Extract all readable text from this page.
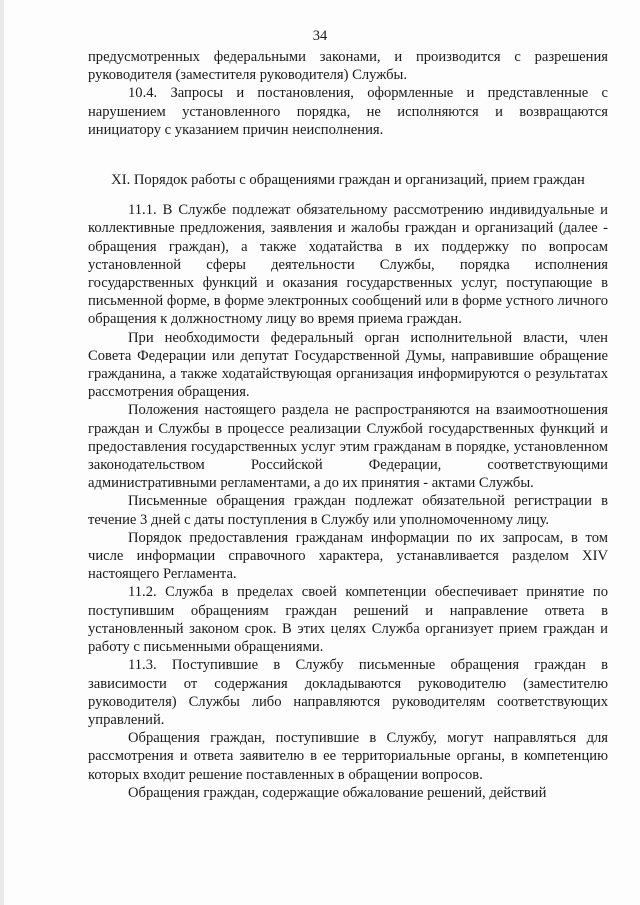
34

предусмотренных федеральными законами, и производится с разрешения руководителя (заместителя руководителя) Службы.

10.4. Запросы и постановления, оформленные и представленные с нарушением установленного порядка, не исполняются и возвращаются инициатору с указанием причин неисполнения.

XI. Порядок работы с обращениями граждан и организаций, прием граждан

11.1. В Службе подлежат обязательному рассмотрению индивидуальные и коллективные предложения, заявления и жалобы граждан и организаций (далее - обращения граждан), а также ходатайства в их поддержку по вопросам установленной сферы деятельности Службы, порядка исполнения государственных функций и оказания государственных услуг, поступающие в письменной форме, в форме электронных сообщений или в форме устного личного обращения к должностному лицу во время приема граждан.

При необходимости федеральный орган исполнительной власти, член Совета Федерации или депутат Государственной Думы, направившие обращение гражданина, а также ходатайствующая организация информируются о результатах рассмотрения обращения.

Положения настоящего раздела не распространяются на взаимоотношения граждан и Службы в процессе реализации Службой государственных функций и предоставления государственных услуг этим гражданам в порядке, установленном законодательством Российской Федерации, соответствующими административными регламентами, а до их принятия - актами Службы.

Письменные обращения граждан подлежат обязательной регистрации в течение 3 дней с даты поступления в Службу или уполномоченному лицу.

Порядок предоставления гражданам информации по их запросам, в том числе информации справочного характера, устанавливается разделом XIV настоящего Регламента.

11.2. Служба в пределах своей компетенции обеспечивает принятие по поступившим обращениям граждан решений и направление ответа в установленный законом срок. В этих целях Служба организует прием граждан и работу с письменными обращениями.

11.3. Поступившие в Службу письменные обращения граждан в зависимости от содержания докладываются руководителю (заместителю руководителя) Службы либо направляются руководителям соответствующих управлений.

Обращения граждан, поступившие в Службу, могут направляться для рассмотрения и ответа заявителю в ее территориальные органы, в компетенцию которых входит решение поставленных в обращении вопросов.

Обращения граждан, содержащие обжалование решений, действий
